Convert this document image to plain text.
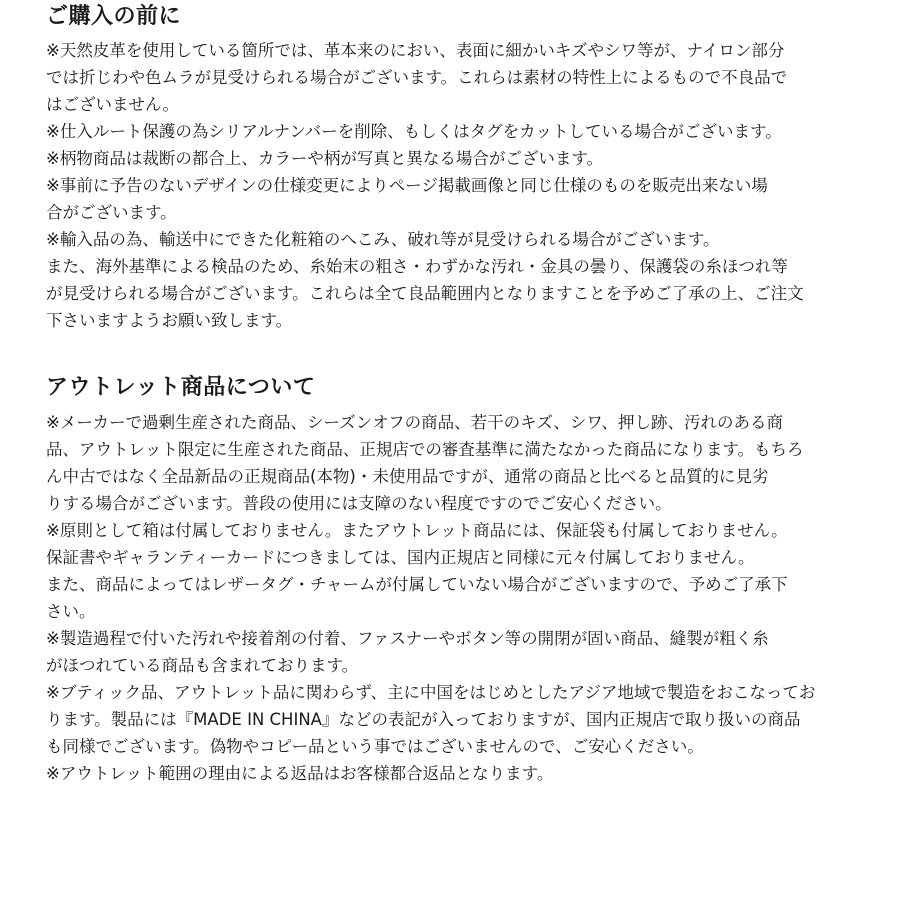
ご購入の前に
※天然皮革を使用している箇所では、革本来のにおい、表面に細かいキズやシワ等が、ナイロン部分
では折じわや色ムラが見受けられる場合がございます。これらは素材の特性上によるもので不良品で
はございません。
※仕入ルート保護の為シリアルナンバーを削除、もしくはタグをカットしている場合がございます。
※柄物商品は裁断の都合上、カラーや柄が写真と異なる場合がございます。
※事前に予告のないデザインの仕様変更によりページ掲載画像と同じ仕様のものを販売出来ない場
合がございます。
※輸入品の為、輸送中にできた化粧箱のへこみ、破れ等が見受けられる場合がございます。
また、海外基準による検品のため、糸始末の粗さ・わずかな汚れ・金具の曇り、保護袋の糸ほつれ等
が見受けられる場合がございます。これらは全て良品範囲内となりますことを予めご了承の上、ご注文
下さいますようお願い致します。
アウトレット商品について
※メーカーで過剰生産された商品、シーズンオフの商品、若干のキズ、シワ、押し跡、汚れのある商
品、アウトレット限定に生産された商品、正規店での審査基準に満たなかった商品になります。もちろ
ん中古ではなく全品新品の正規商品(本物)・未使用品ですが、通常の商品と比べると品質的に見劣
りする場合がございます。普段の使用には支障のない程度ですのでご安心ください。
※原則として箱は付属しておりません。またアウトレット商品には、保証袋も付属しておりません。
保証書やギャランティーカードにつきましては、国内正規店と同様に元々付属しておりません。
また、商品によってはレザータグ・チャームが付属していない場合がございますので、予めご了承下
さい。
※製造過程で付いた汚れや接着剤の付着、ファスナーやボタン等の開閉が固い商品、縫製が粗く糸
がほつれている商品も含まれております。
※ブティック品、アウトレット品に関わらず、主に中国をはじめとしたアジア地域で製造をおこなってお
ります。製品には『MADE IN CHINA』などの表記が入っておりますが、国内正規店で取り扱いの商品
も同様でございます。偽物やコピー品という事ではございませんので、ご安心ください。
※アウトレット範囲の理由による返品はお客様都合返品となります。
